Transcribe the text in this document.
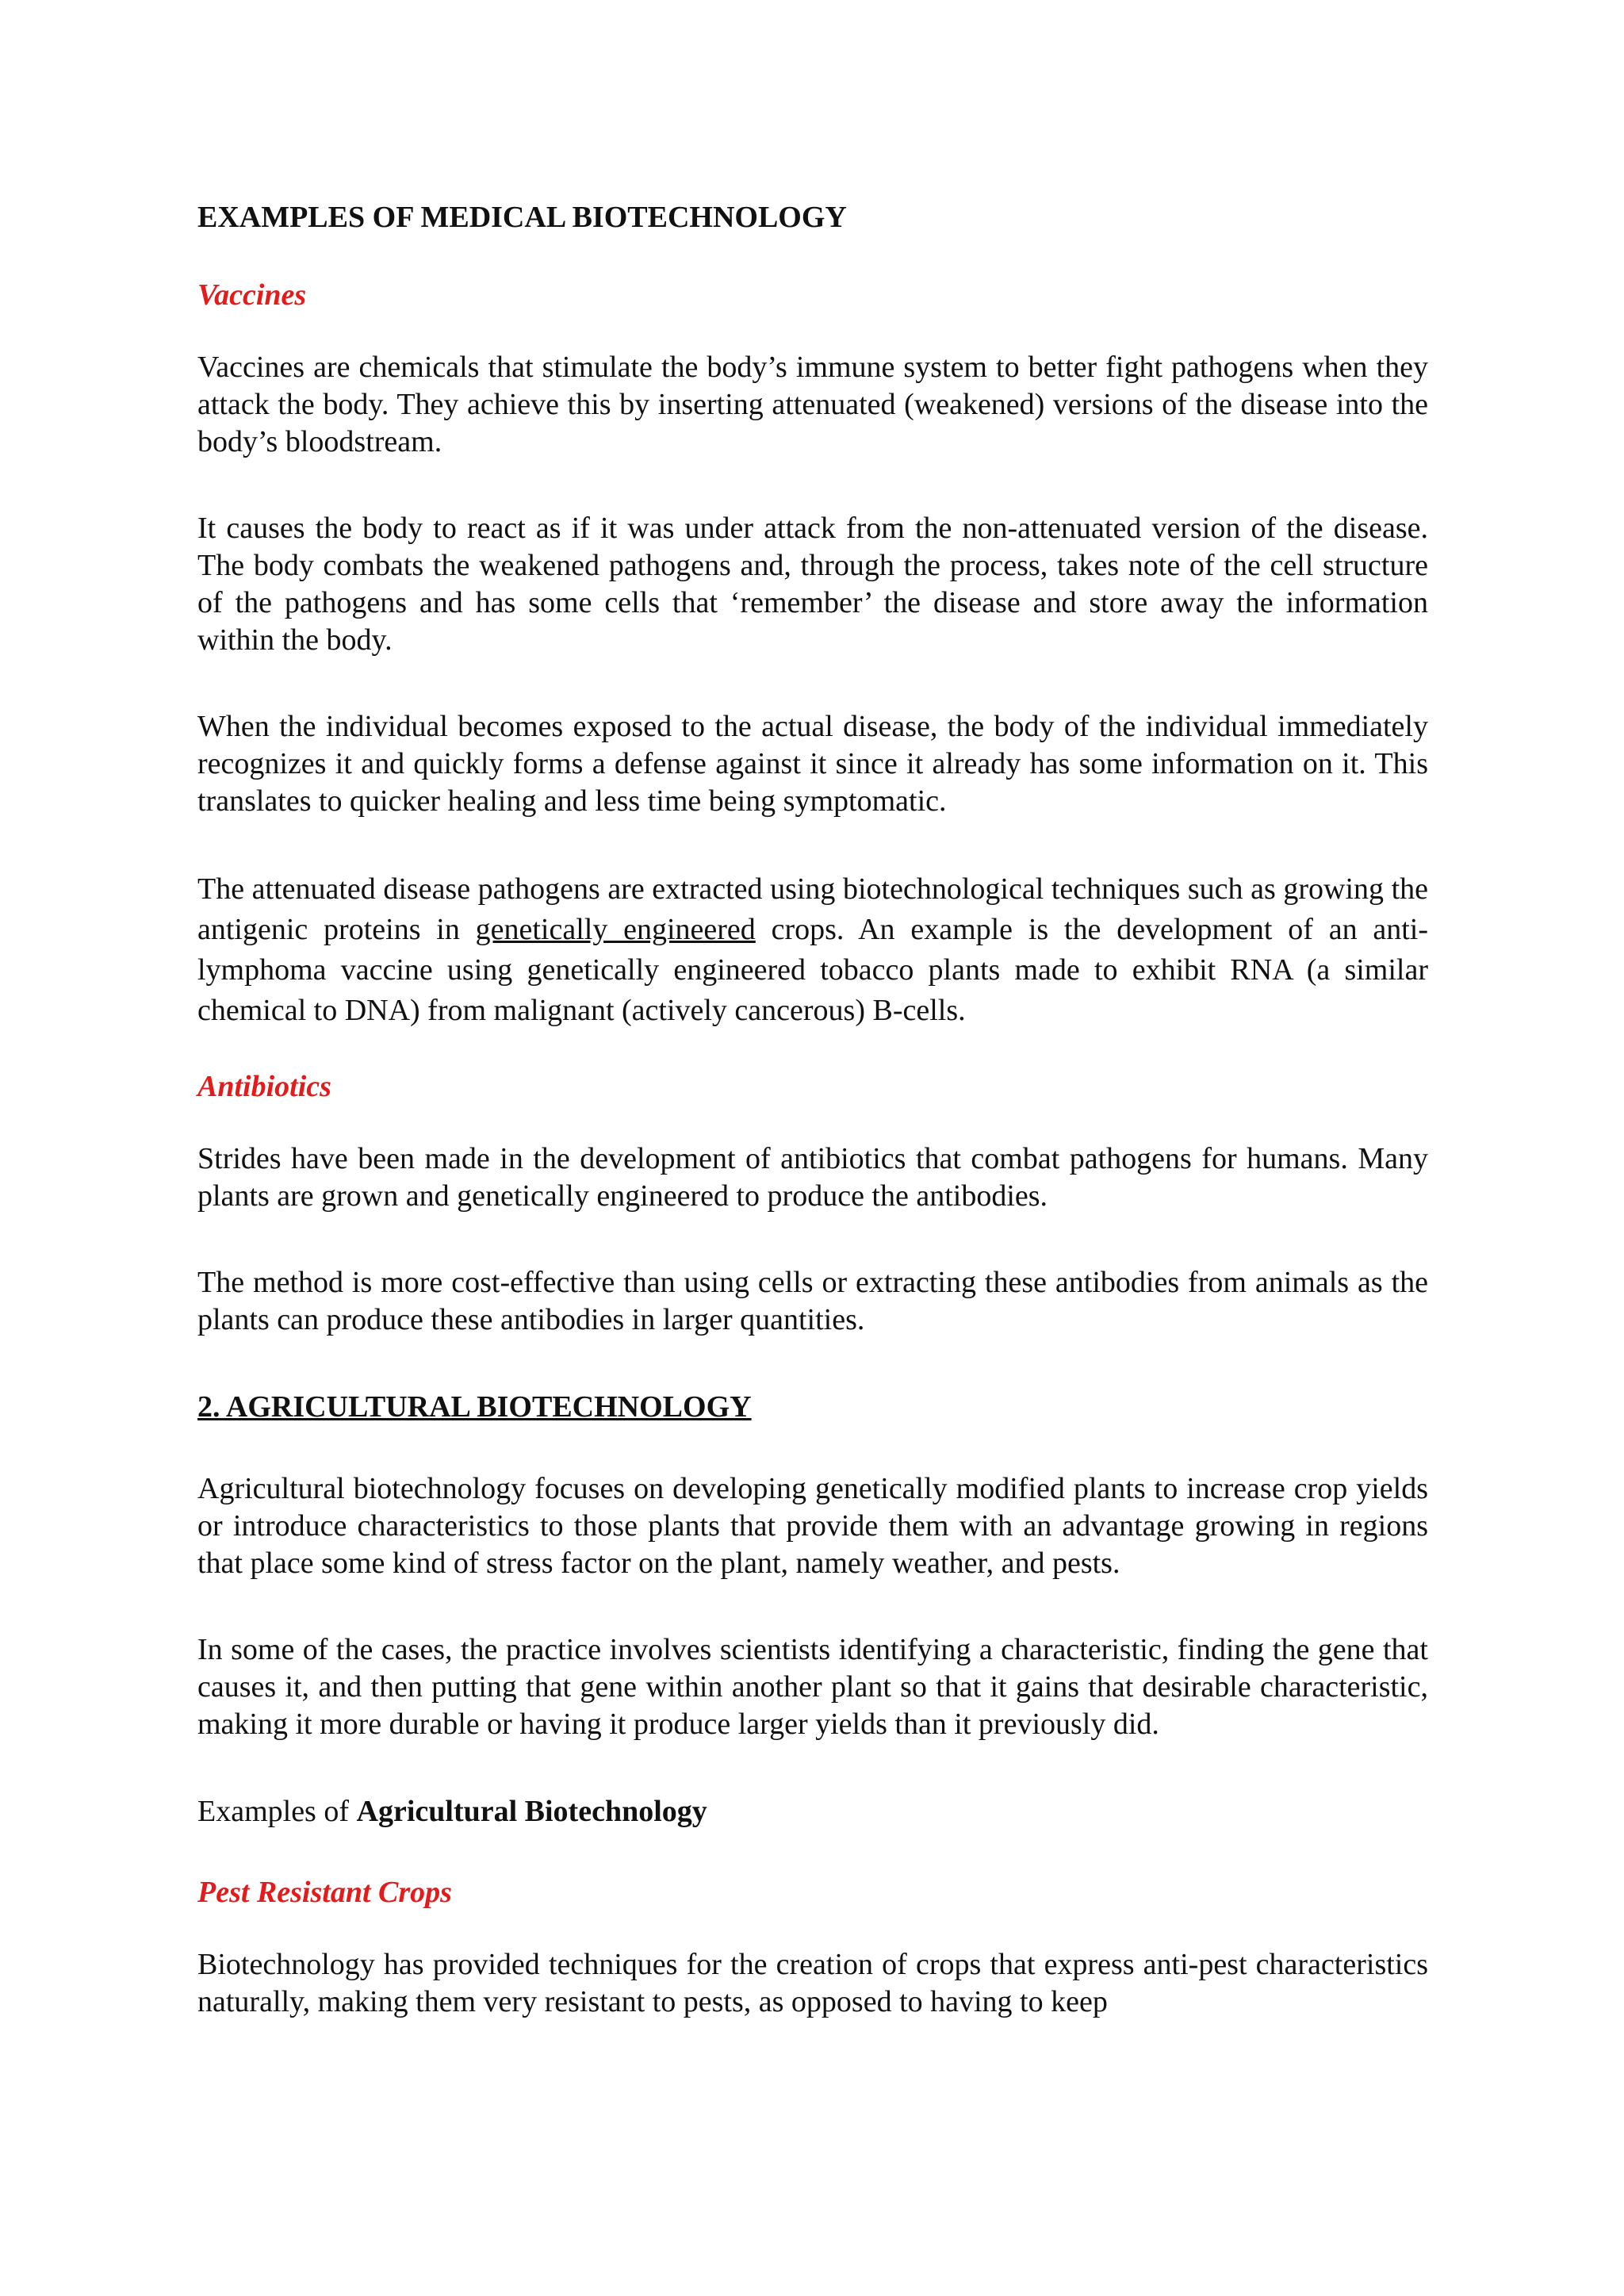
EXAMPLES OF MEDICAL BIOTECHNOLOGY
Vaccines

Vaccines are chemicals that stimulate the body’s immune system to better fight pathogens when they attack the body. They achieve this by inserting attenuated (weakened) versions of the disease into the body’s bloodstream.

It causes the body to react as if it was under attack from the non-attenuated version of the disease. The body combats the weakened pathogens and, through the process, takes note of the cell structure of the pathogens and has some cells that ‘remember’ the disease and store away the information within the body.

When the individual becomes exposed to the actual disease, the body of the individual immediately recognizes it and quickly forms a defense against it since it already has some information on it. This translates to quicker healing and less time being symptomatic.

The attenuated disease pathogens are extracted using biotechnological techniques such as growing the antigenic proteins in genetically engineered crops. An example is the development of an anti-lymphoma vaccine using genetically engineered tobacco plants made to exhibit RNA (a similar chemical to DNA) from malignant (actively cancerous) B-cells.

Antibiotics

Strides have been made in the development of antibiotics that combat pathogens for humans. Many plants are grown and genetically engineered to produce the antibodies.

The method is more cost-effective than using cells or extracting these antibodies from animals as the plants can produce these antibodies in larger quantities.

2. AGRICULTURAL BIOTECHNOLOGY

Agricultural biotechnology focuses on developing genetically modified plants to increase crop yields or introduce characteristics to those plants that provide them with an advantage growing in regions that place some kind of stress factor on the plant, namely weather, and pests.

In some of the cases, the practice involves scientists identifying a characteristic, finding the gene that causes it, and then putting that gene within another plant so that it gains that desirable characteristic, making it more durable or having it produce larger yields than it previously did.

Examples of Agricultural Biotechnology
Pest Resistant Crops

Biotechnology has provided techniques for the creation of crops that express anti-pest characteristics naturally, making them very resistant to pests, as opposed to having to keep
